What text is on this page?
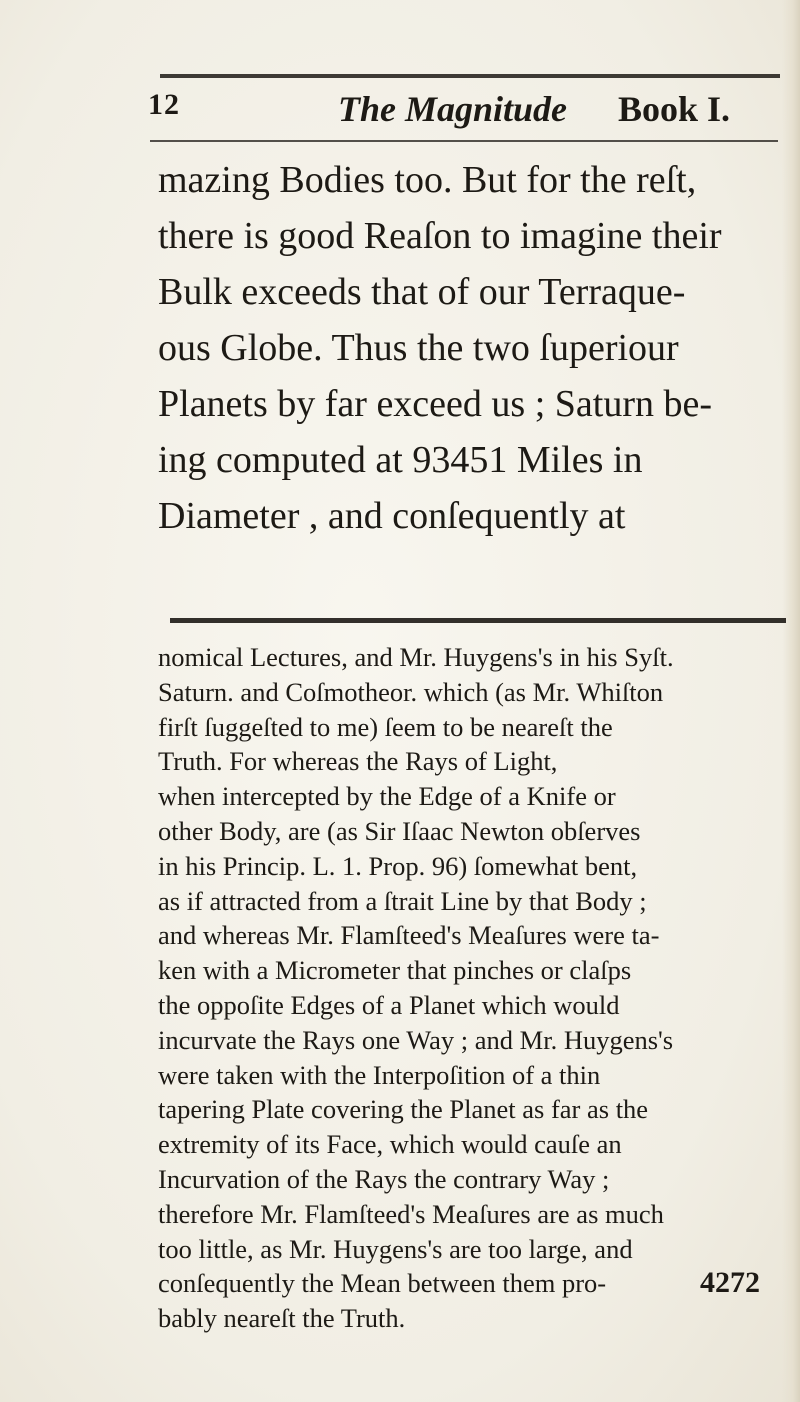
12	The Magnitude Book I.
mazing Bodies too. But for the reſt,
there is good Reaſon to imagine their
Bulk exceeds that of our Terraque-
ous Globe. Thus the two ſuperiour
Planets by far exceed us ; Saturn be-
ing computed at 93451 Miles in
Diameter , and conſequently at
nomical Lectures, and Mr. Huygens's in his Syſt.
Saturn. and Coſmotheor. which (as Mr. Whiſton
firſt ſuggeſted to me) ſeem to be neareſt the
Truth. For whereas the Rays of Light,
when intercepted by the Edge of a Knife or
other Body, are (as Sir Iſaac Newton obſerves
in his Princip. L. 1. Prop. 96) ſomewhat bent,
as if attracted from a ſtrait Line by that Body ;
and whereas Mr. Flamſteed's Meaſures were ta-
ken with a Micrometer that pinches or claſps
the oppoſite Edges of a Planet which would
incurvate the Rays one Way ; and Mr. Huygens's
were taken with the Interpoſition of a thin
tapering Plate covering the Planet as far as the
extremity of its Face, which would cauſe an
Incurvation of the Rays the contrary Way ;
therefore Mr. Flamſteed's Meaſures are as much
too little, as Mr. Huygens's are too large, and
conſequently the Mean between them pro-
bably neareſt the Truth.
4272
